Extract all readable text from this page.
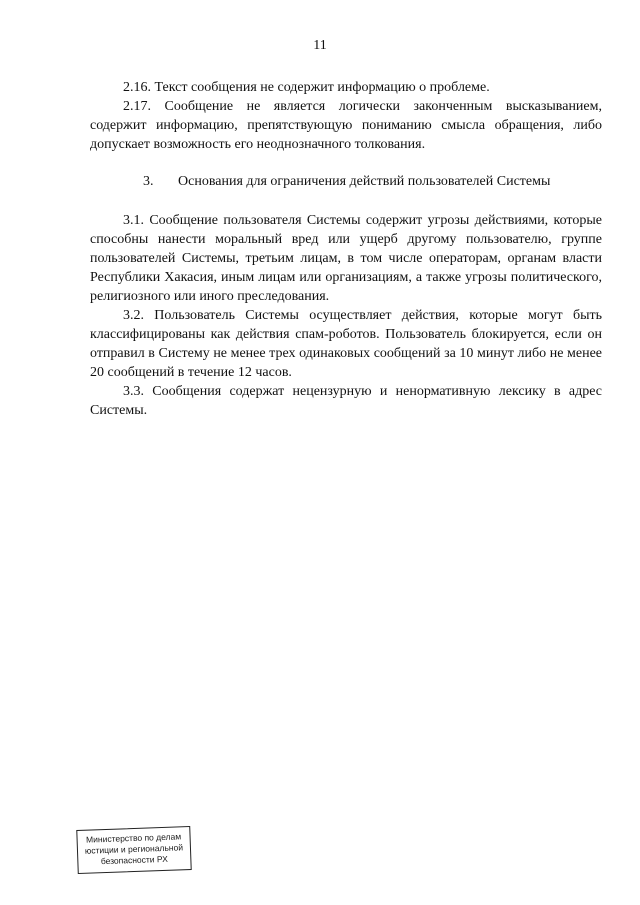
11

2.16. Текст сообщения не содержит информацию о проблеме.

2.17. Сообщение не является логически законченным высказыванием, содержит информацию, препятствующую пониманию смысла обращения, либо допускает возможность его неоднозначного толкования.

3. Основания для ограничения действий пользователей Системы

3.1. Сообщение пользователя Системы содержит угрозы действиями, которые способны нанести моральный вред или ущерб другому пользователю, группе пользователей Системы, третьим лицам, в том числе операторам, органам власти Республики Хакасия, иным лицам или организациям, а также угрозы политического, религиозного или иного преследования.

3.2. Пользователь Системы осуществляет действия, которые могут быть классифицированы как действия спам-роботов. Пользователь блокируется, если он отправил в Систему не менее трех одинаковых сообщений за 10 минут либо не менее 20 сообщений в течение 12 часов.

3.3. Сообщения содержат нецензурную и ненормативную лексику в адрес Системы.

Министерство по делам
юстиции и региональной
безопасности РХ
